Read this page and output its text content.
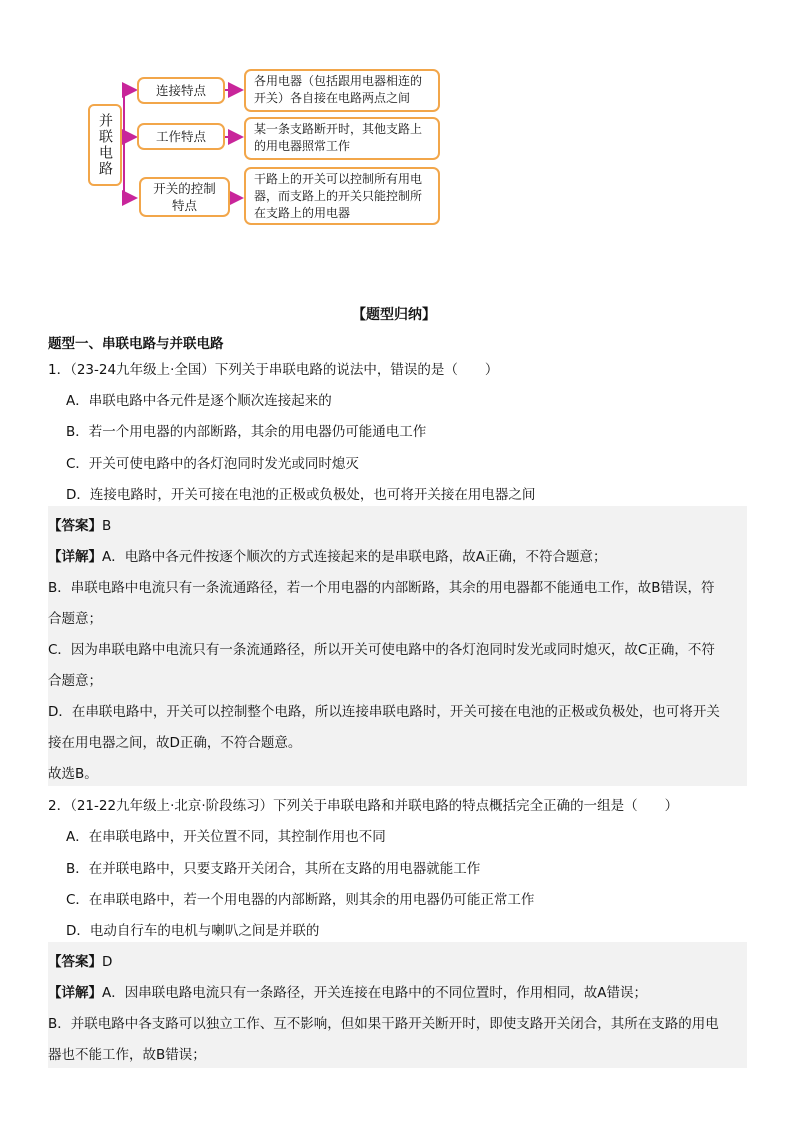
并联电路
连接特点
工作特点
开关的控制
特点
各用电器（包括跟用电器相连的
开关）各自接在电路两点之间
某一条支路断开时，其他支路上
的用电器照常工作
干路上的开关可以控制所有用电
器，而支路上的开关只能控制所
在支路上的用电器
【题型归纳】
题型一、串联电路与并联电路
1．（23-24九年级上·全国）下列关于串联电路的说法中，错误的是（　　）
A．串联电路中各元件是逐个顺次连接起来的
B．若一个用电器的内部断路，其余的用电器仍可能通电工作
C．开关可使电路中的各灯泡同时发光或同时熄灭
D．连接电路时，开关可接在电池的正极或负极处，也可将开关接在用电器之间
【答案】B
【详解】A．电路中各元件按逐个顺次的方式连接起来的是串联电路，故A正确，不符合题意；
B．串联电路中电流只有一条流通路径，若一个用电器的内部断路，其余的用电器都不能通电工作，故B错误，符
合题意；
C．因为串联电路中电流只有一条流通路径，所以开关可使电路中的各灯泡同时发光或同时熄灭，故C正确，不符
合题意；
D．在串联电路中，开关可以控制整个电路，所以连接串联电路时，开关可接在电池的正极或负极处，也可将开关
接在用电器之间，故D正确，不符合题意。
故选B。
2．（21-22九年级上·北京·阶段练习）下列关于串联电路和并联电路的特点概括完全正确的一组是（　　）
A．在串联电路中，开关位置不同，其控制作用也不同
B．在并联电路中，只要支路开关闭合，其所在支路的用电器就能工作
C．在串联电路中，若一个用电器的内部断路，则其余的用电器仍可能正常工作
D．电动自行车的电机与喇叭之间是并联的
【答案】D
【详解】A．因串联电路电流只有一条路径，开关连接在电路中的不同位置时，作用相同，故A错误；
B．并联电路中各支路可以独立工作、互不影响，但如果干路开关断开时，即使支路开关闭合，其所在支路的用电
器也不能工作，故B错误；
